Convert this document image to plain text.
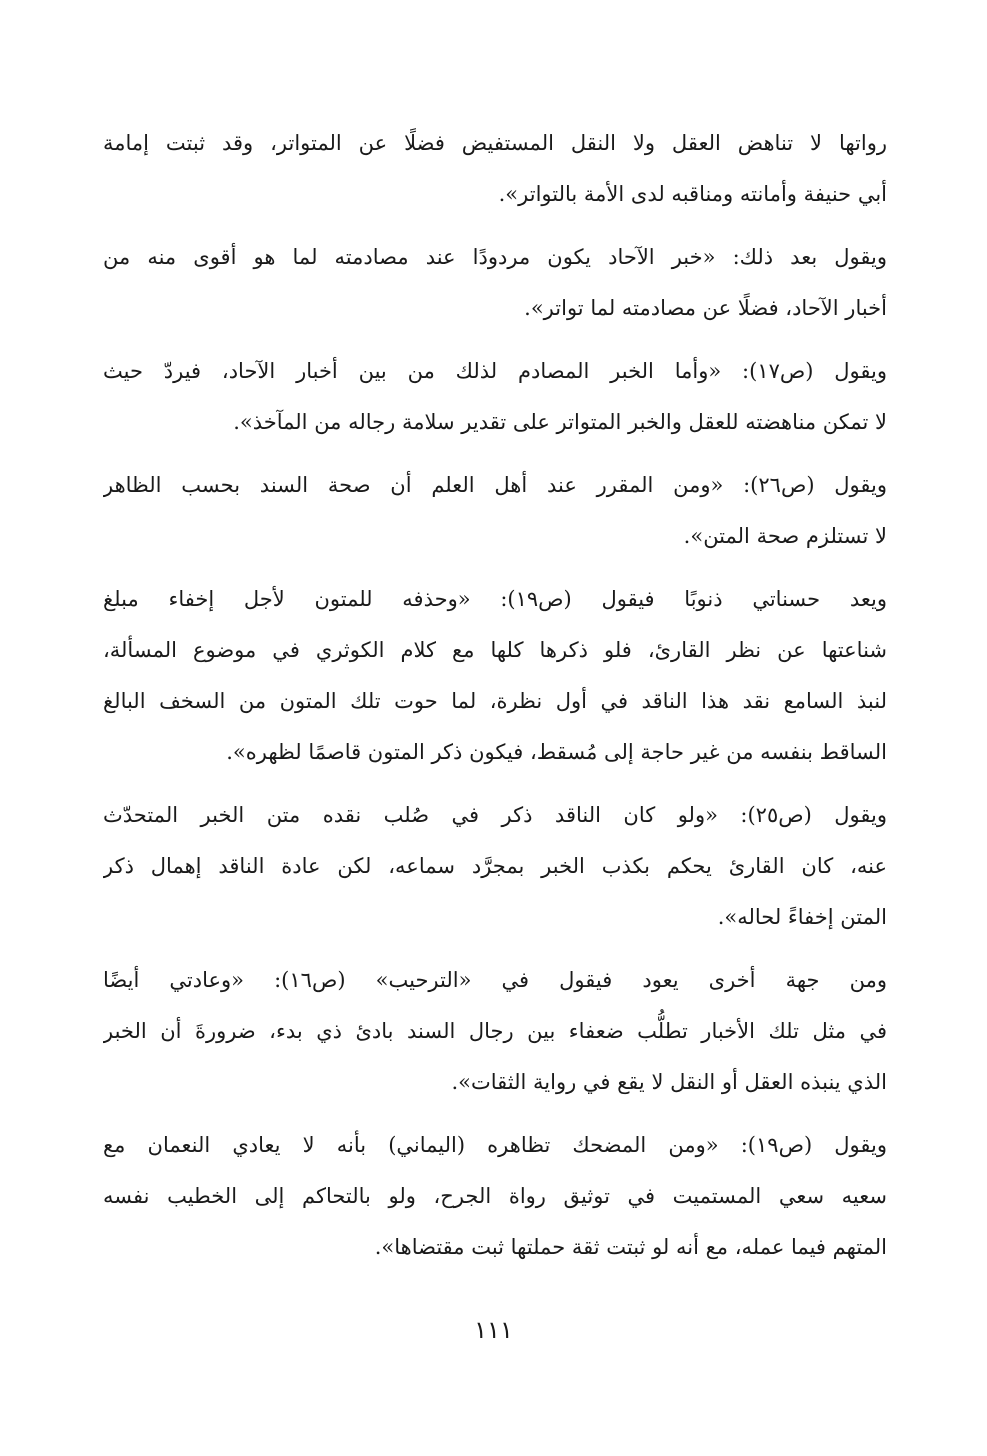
رواتها لا تناهض العقل ولا النقل المستفيض فضلًا عن المتواتر، وقد ثبتت إمامة
أبي حنيفة وأمانته ومناقبه لدى الأمة بالتواتر».
ويقول بعد ذلك: «خبر الآحاد يكون مردودًا عند مصادمته لما هو أقوى منه من
أخبار الآحاد، فضلًا عن مصادمته لما تواتر».
ويقول (ص١٧): «وأما الخبر المصادم لذلك من بين أخبار الآحاد، فيردّ حيث
لا تمكن مناهضته للعقل والخبر المتواتر على تقدير سلامة رجاله من المآخذ».
ويقول (ص٢٦): «ومن المقرر عند أهل العلم أن صحة السند بحسب الظاهر
لا تستلزم صحة المتن».
ويعد حسناتي ذنوبًا فيقول (ص١٩): «وحذفه للمتون لأجل إخفاء مبلغ
شناعتها عن نظر القارئ، فلو ذكرها كلها مع كلام الكوثري في موضوع المسألة،
لنبذ السامع نقد هذا الناقد في أول نظرة، لما حوت تلك المتون من السخف البالغ
الساقط بنفسه من غير حاجة إلى مُسقط، فيكون ذكر المتون قاصمًا لظهره».
ويقول (ص٢٥): «ولو كان الناقد ذكر في صُلب نقده متن الخبر المتحدّث
عنه، كان القارئ يحكم بكذب الخبر بمجرَّد سماعه، لكن عادة الناقد إهمال ذكر
المتن إخفاءً لحاله».
ومن جهة أخرى يعود فيقول في «الترحيب» (ص١٦): «وعادتي أيضًا
في مثل تلك الأخبار تطلُّب ضعفاء بين رجال السند بادئ ذي بدء، ضرورةَ أن الخبر
الذي ينبذه العقل أو النقل لا يقع في رواية الثقات».
ويقول (ص١٩): «ومن المضحك تظاهره (اليماني) بأنه لا يعادي النعمان مع
سعيه سعي المستميت في توثيق رواة الجرح، ولو بالتحاكم إلى الخطيب نفسه
المتهم فيما عمله، مع أنه لو ثبتت ثقة حملتها ثبت مقتضاها».
١١١
